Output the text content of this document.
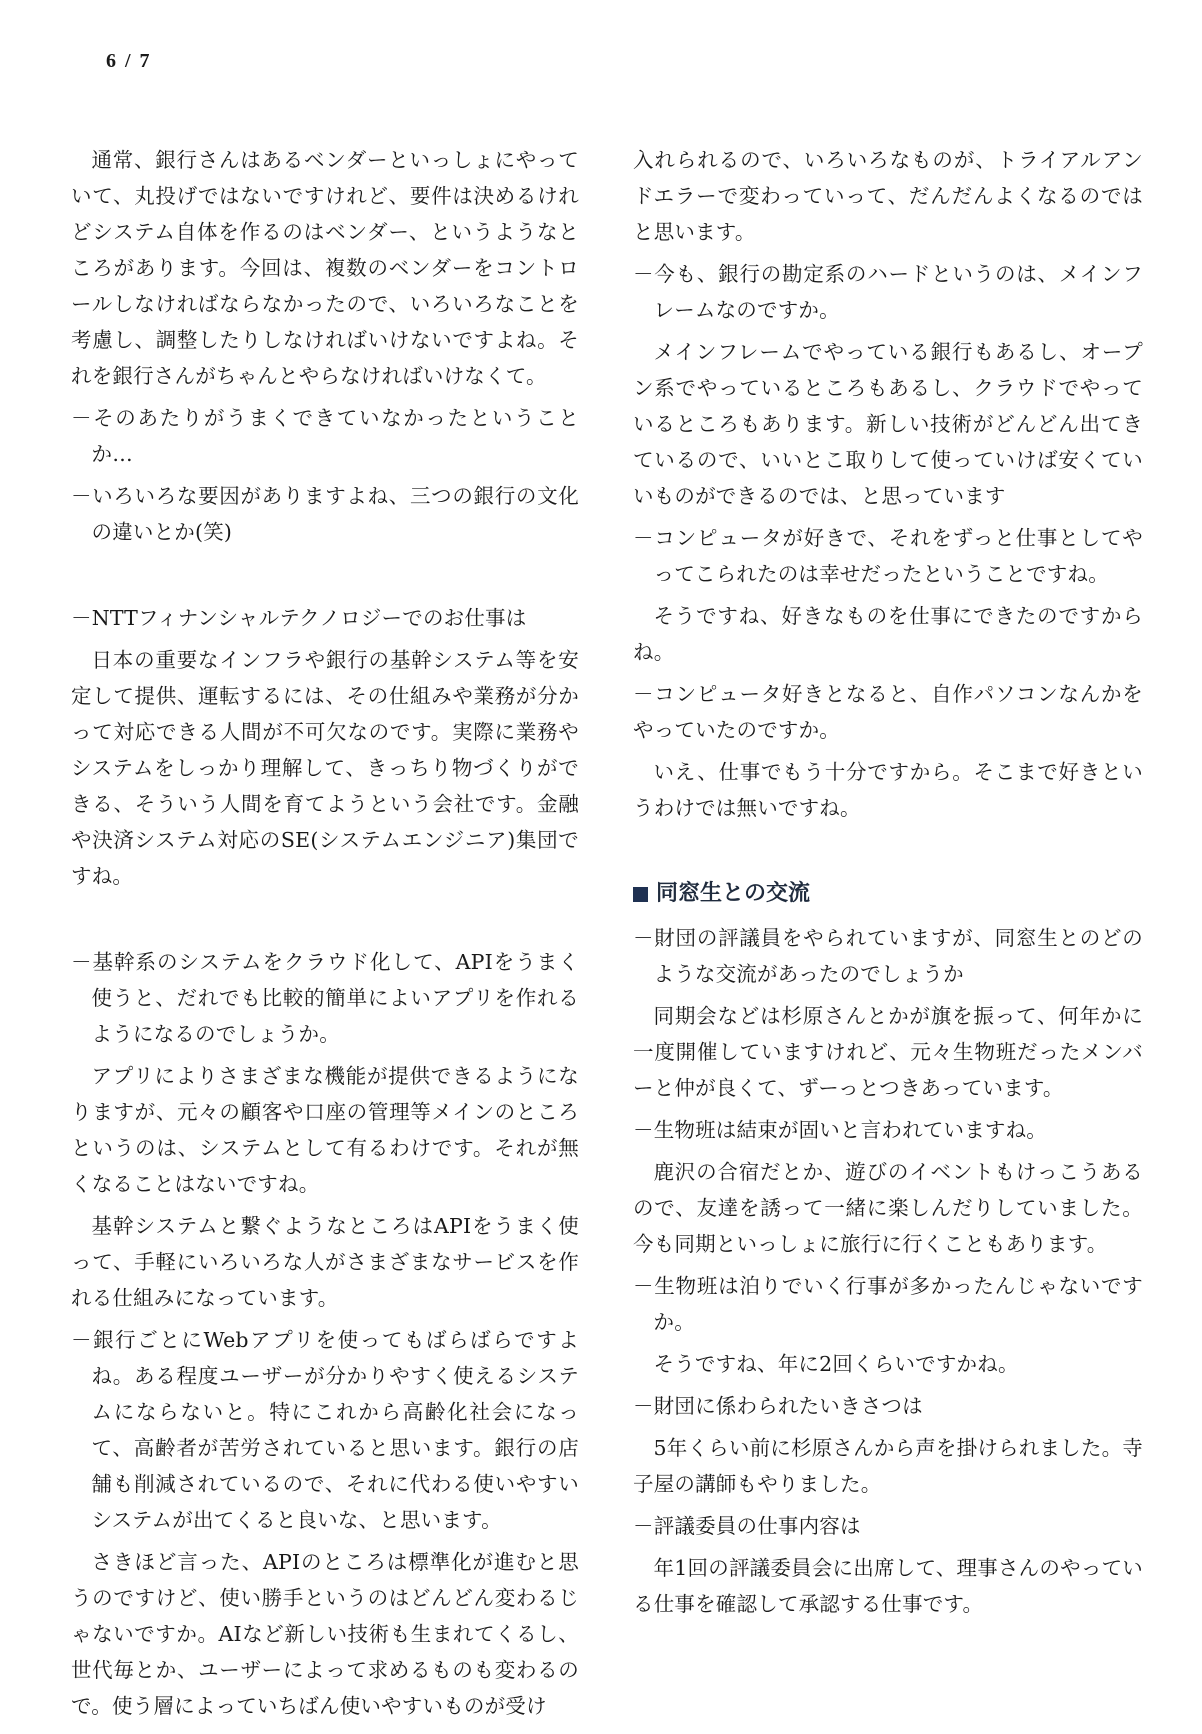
6 / 7

通常、銀行さんはあるベンダーといっしょにやっていて、丸投げではないですけれど、要件は決めるけれどシステム自体を作るのはベンダー、というようなところがあります。今回は、複数のベンダーをコントロールしなければならなかったので、いろいろなことを考慮し、調整したりしなければいけないですよね。それを銀行さんがちゃんとやらなければいけなくて。

－そのあたりがうまくできていなかったということか…

－いろいろな要因がありますよね、三つの銀行の文化の違いとか(笑)

－NTTフィナンシャルテクノロジーでのお仕事は

日本の重要なインフラや銀行の基幹システム等を安定して提供、運転するには、その仕組みや業務が分かって対応できる人間が不可欠なのです。実際に業務やシステムをしっかり理解して、きっちり物づくりができる、そういう人間を育てようという会社です。金融や決済システム対応のSE(システムエンジニア)集団ですね。

－基幹系のシステムをクラウド化して、APIをうまく使うと、だれでも比較的簡単によいアプリを作れるようになるのでしょうか。

アプリによりさまざまな機能が提供できるようになりますが、元々の顧客や口座の管理等メインのところというのは、システムとして有るわけです。それが無くなることはないですね。

基幹システムと繋ぐようなところはAPIをうまく使って、手軽にいろいろな人がさまざまなサービスを作れる仕組みになっています。

－銀行ごとにWebアプリを使ってもばらばらですよね。ある程度ユーザーが分かりやすく使えるシステムにならないと。特にこれから高齢化社会になって、高齢者が苦労されていると思います。銀行の店舗も削減されているので、それに代わる使いやすいシステムが出てくると良いな、と思います。

さきほど言った、APIのところは標準化が進むと思うのですけど、使い勝手というのはどんどん変わるじゃないですか。AIなど新しい技術も生まれてくるし、世代毎とか、ユーザーによって求めるものも変わるので。使う層によっていちばん使いやすいものが受け

入れられるので、いろいろなものが、トライアルアンドエラーで変わっていって、だんだんよくなるのではと思います。

－今も、銀行の勘定系のハードというのは、メインフレームなのですか。

メインフレームでやっている銀行もあるし、オープン系でやっているところもあるし、クラウドでやっているところもあります。新しい技術がどんどん出てきているので、いいとこ取りして使っていけば安くていいものができるのでは、と思っています

－コンピュータが好きで、それをずっと仕事としてやってこられたのは幸せだったということですね。

そうですね、好きなものを仕事にできたのですからね。

－コンピュータ好きとなると、自作パソコンなんかをやっていたのですか。

いえ、仕事でもう十分ですから。そこまで好きというわけでは無いですね。

同窓生との交流

－財団の評議員をやられていますが、同窓生とのどのような交流があったのでしょうか

同期会などは杉原さんとかが旗を振って、何年かに一度開催していますけれど、元々生物班だったメンバーと仲が良くて、ずーっとつきあっています。

－生物班は結束が固いと言われていますね。

鹿沢の合宿だとか、遊びのイベントもけっこうあるので、友達を誘って一緒に楽しんだりしていました。今も同期といっしょに旅行に行くこともあります。

－生物班は泊りでいく行事が多かったんじゃないですか。

そうですね、年に2回くらいですかね。

－財団に係わられたいきさつは

5年くらい前に杉原さんから声を掛けられました。寺子屋の講師もやりました。

－評議委員の仕事内容は

年1回の評議委員会に出席して、理事さんのやっている仕事を確認して承認する仕事です。
